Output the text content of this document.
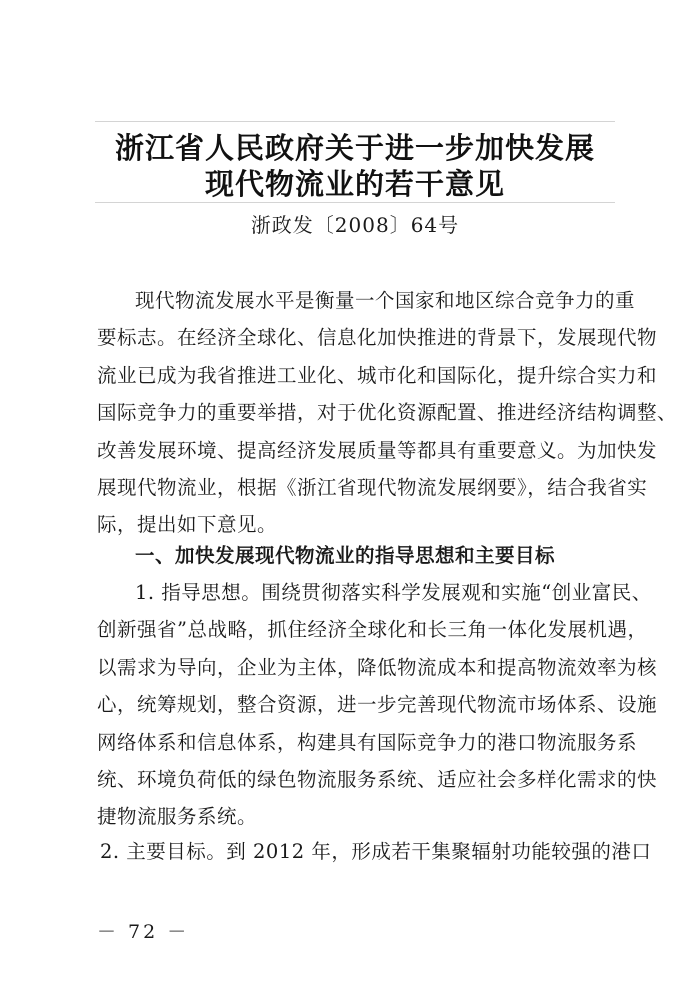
浙江省人民政府关于进一步加快发展
现代物流业的若干意见
浙政发〔2008〕64号
现代物流发展水平是衡量一个国家和地区综合竞争力的重
要标志。在经济全球化、信息化加快推进的背景下，发展现代物
流业已成为我省推进工业化、城市化和国际化，提升综合实力和
国际竞争力的重要举措，对于优化资源配置、推进经济结构调整、
改善发展环境、提高经济发展质量等都具有重要意义。为加快发
展现代物流业，根据《浙江省现代物流发展纲要》，结合我省实
际，提出如下意见。
一、加快发展现代物流业的指导思想和主要目标
1. 指导思想。围绕贯彻落实科学发展观和实施“创业富民、
创新强省”总战略，抓住经济全球化和长三角一体化发展机遇，
以需求为导向，企业为主体，降低物流成本和提高物流效率为核
心，统筹规划，整合资源，进一步完善现代物流市场体系、设施
网络体系和信息体系，构建具有国际竞争力的港口物流服务系
统、环境负荷低的绿色物流服务系统、适应社会多样化需求的快
捷物流服务系统。
2. 主要目标。到 2012 年，形成若干集聚辐射功能较强的港口
－ 72 －
